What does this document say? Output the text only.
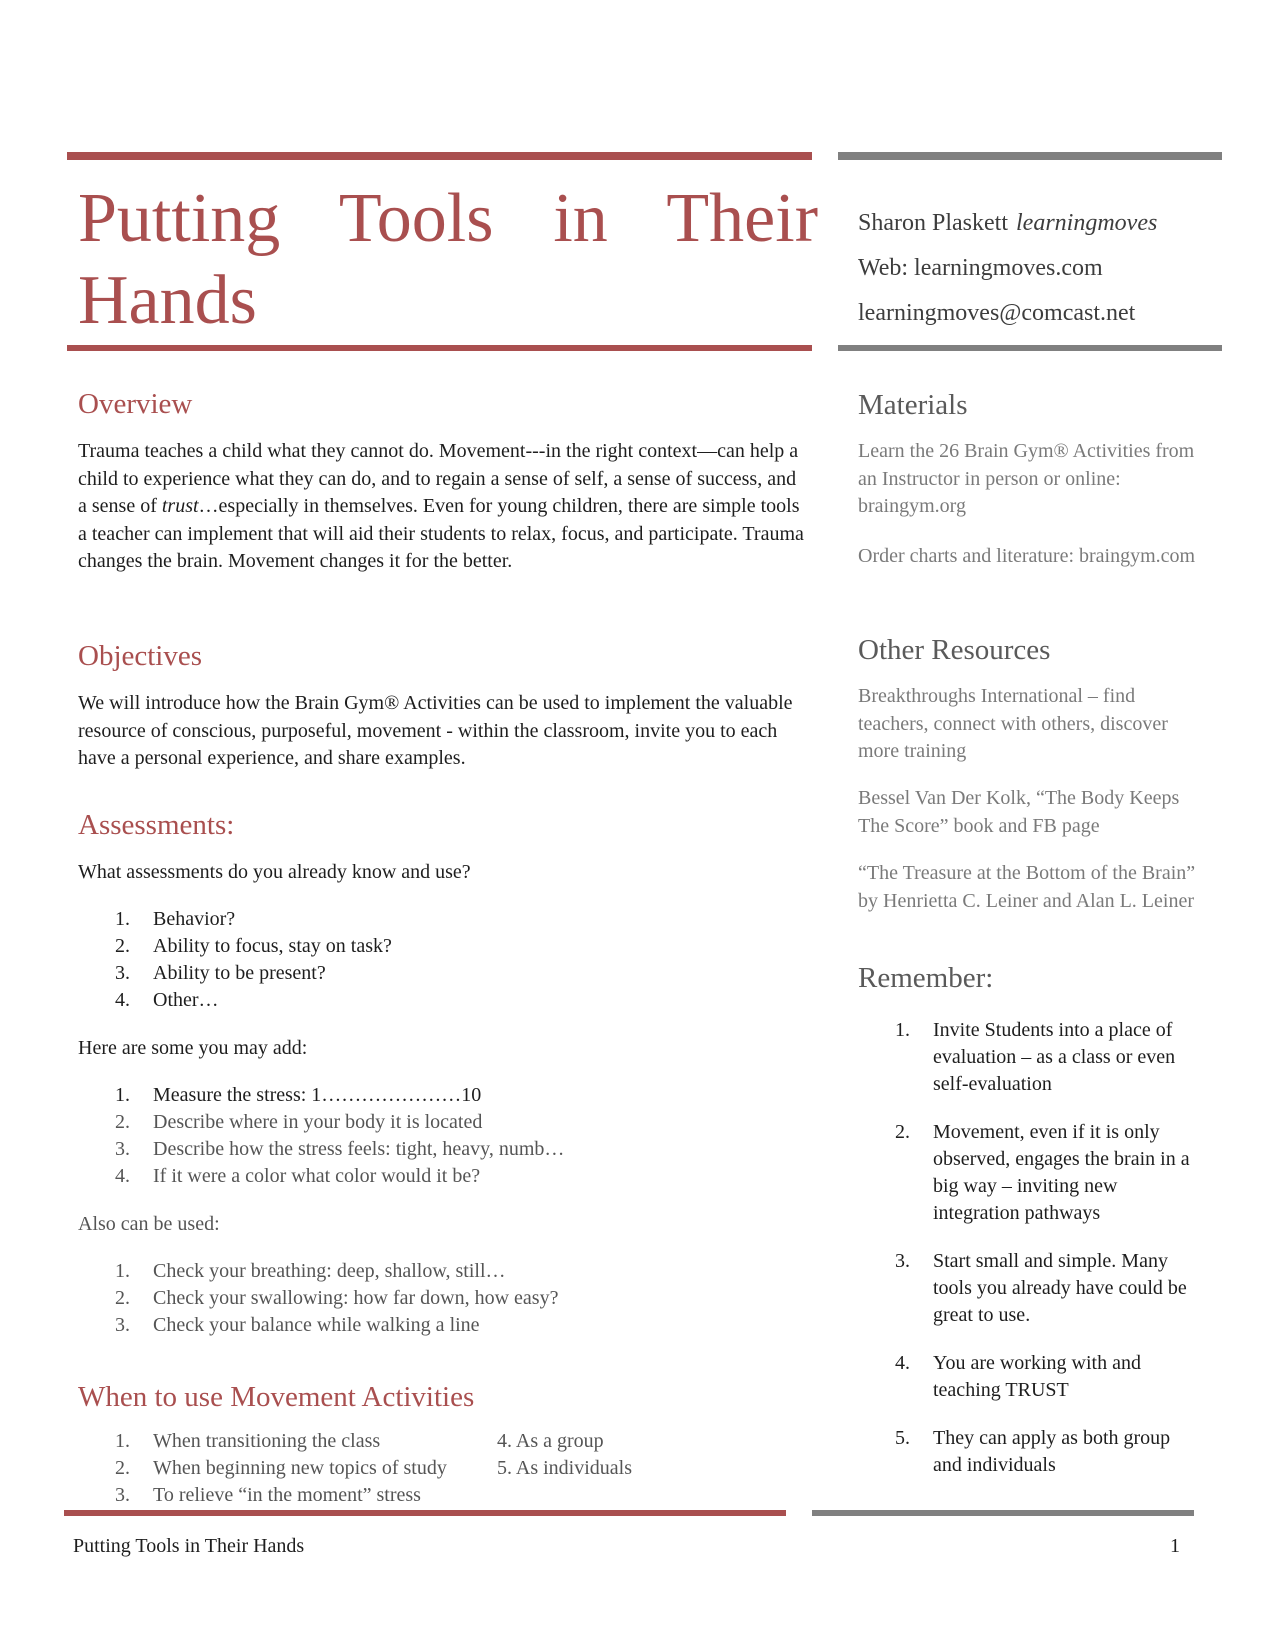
Putting Tools in Their Hands
Sharon Plaskett learningmoves
Web: learningmoves.com
learningmoves@comcast.net
Overview

Trauma teaches a child what they cannot do. Movement---in the right context—can help a child to experience what they can do, and to regain a sense of self, a sense of success, and a sense of trust…especially in themselves. Even for young children, there are simple tools a teacher can implement that will aid their students to relax, focus, and participate. Trauma changes the brain. Movement changes it for the better.

Objectives

We will introduce how the Brain Gym® Activities can be used to implement the valuable resource of conscious, purposeful, movement - within the classroom, invite you to each have a personal experience, and share examples.

Assessments:
What assessments do you already know and use?
1. Behavior?
2. Ability to focus, stay on task?
3. Ability to be present?
4. Other…
Here are some you may add:
1. Measure the stress: 1…………………10
2. Describe where in your body it is located
3. Describe how the stress feels: tight, heavy, numb…
4. If it were a color what color would it be?
Also can be used:
1. Check your breathing: deep, shallow, still…
2. Check your swallowing: how far down, how easy?
3. Check your balance while walking a line
When to use Movement Activities
1. When transitioning the class
2. When beginning new topics of study
3. To relieve “in the moment” stress
4. As a group
5. As individuals
Materials

Learn the 26 Brain Gym® Activities from an Instructor in person or online: braingym.org

Order charts and literature: braingym.com

Other Resources

Breakthroughs International – find teachers, connect with others, discover more training

Bessel Van Der Kolk, “The Body Keeps The Score” book and FB page

“The Treasure at the Bottom of the Brain” by Henrietta C. Leiner and Alan L. Leiner

Remember:
1. Invite Students into a place of evaluation – as a class or even self-evaluation
2. Movement, even if it is only observed, engages the brain in a big way – inviting new integration pathways
3. Start small and simple. Many tools you already have could be great to use.
4. You are working with and teaching TRUST
5. They can apply as both group and individuals
Putting Tools in Their Hands	1
